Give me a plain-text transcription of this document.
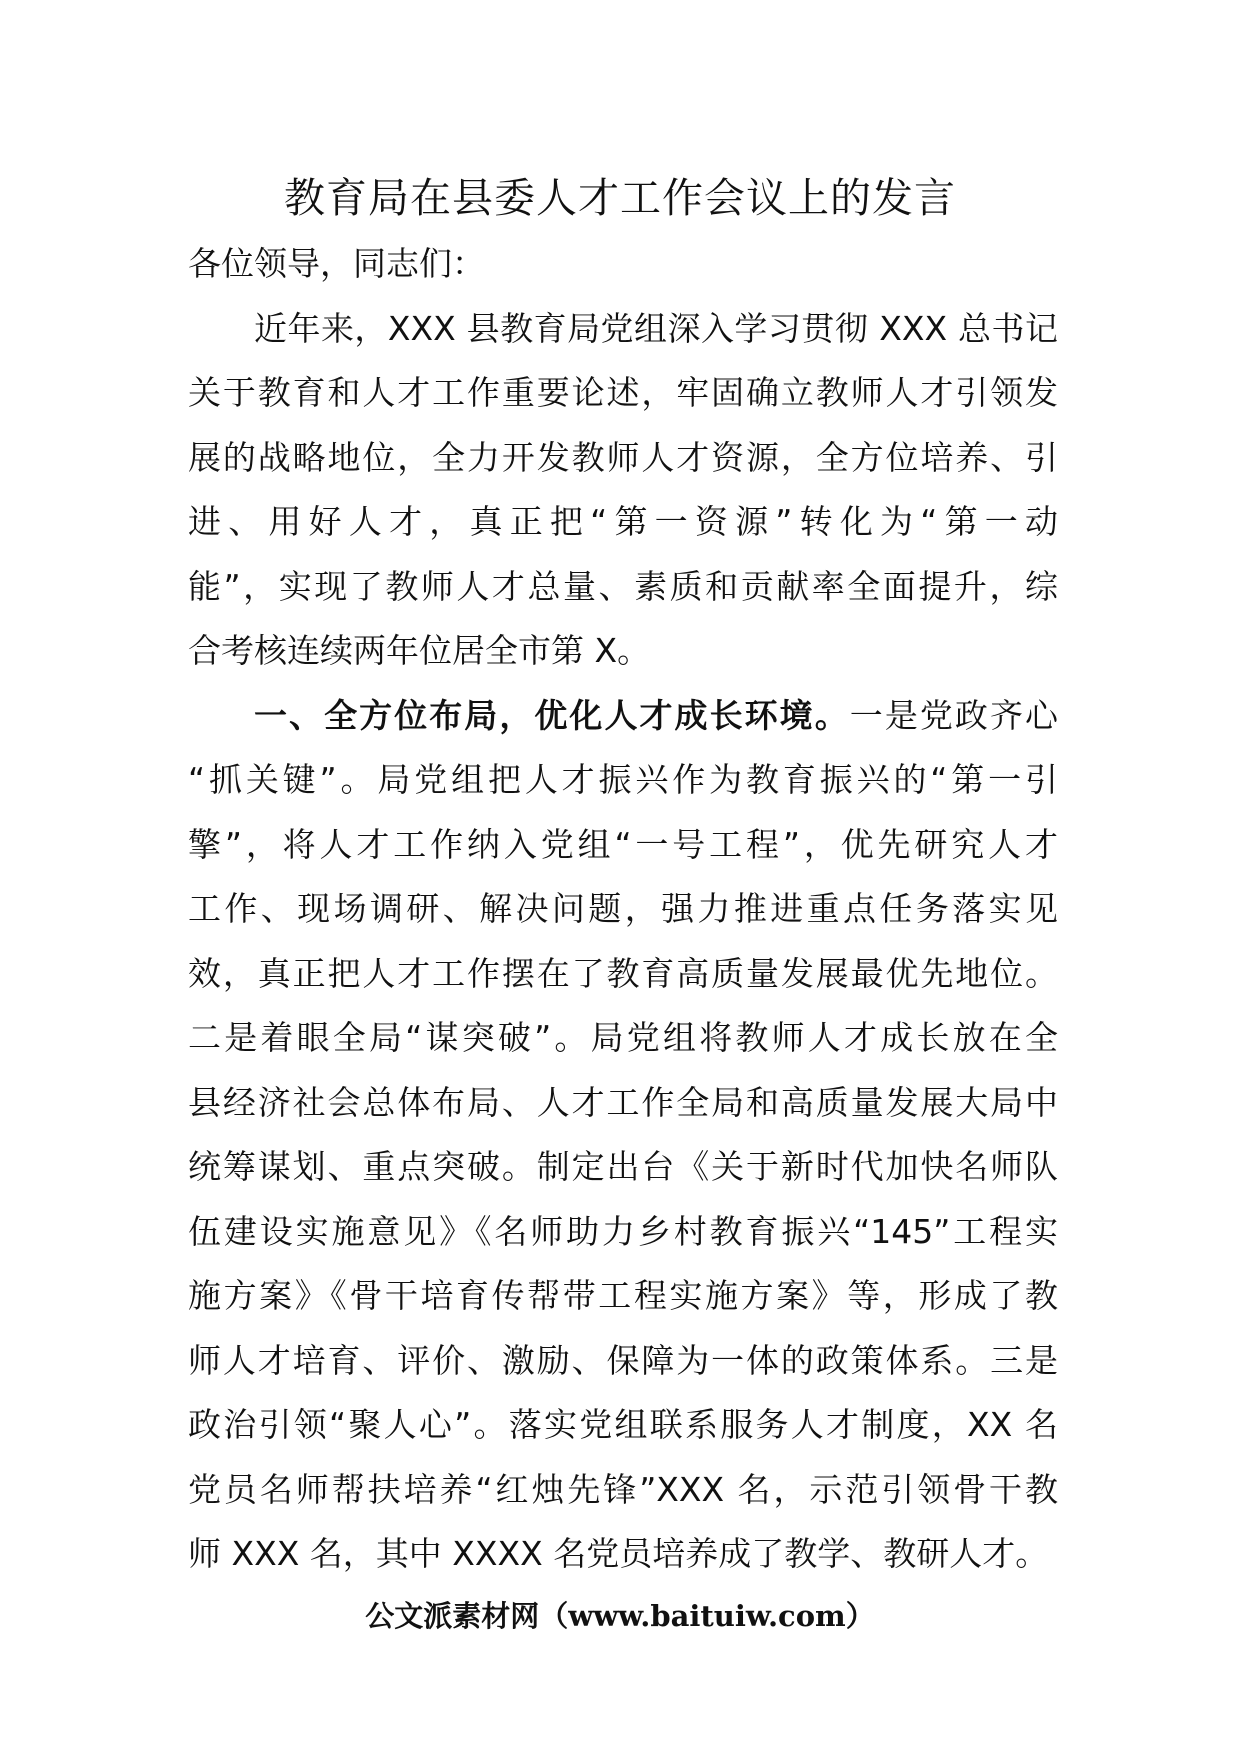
教育局在县委人才工作会议上的发言
各位领导，同志们：
近年来，XXX 县教育局党组深入学习贯彻 XXX 总书记
关于教育和人才工作重要论述，牢固确立教师人才引领发
展的战略地位，全力开发教师人才资源，全方位培养、引
进、用好人才，真正把“第一资源”转化为“第一动
能”，实现了教师人才总量、素质和贡献率全面提升，综
合考核连续两年位居全市第 X。
一、全方位布局，优化人才成长环境。一是党政齐心
“抓关键”。局党组把人才振兴作为教育振兴的“第一引
擎”，将人才工作纳入党组“一号工程”，优先研究人才
工作、现场调研、解决问题，强力推进重点任务落实见
效，真正把人才工作摆在了教育高质量发展最优先地位。
二是着眼全局“谋突破”。局党组将教师人才成长放在全
县经济社会总体布局、人才工作全局和高质量发展大局中
统筹谋划、重点突破。制定出台《关于新时代加快名师队
伍建设实施意见》《名师助力乡村教育振兴“145”工程实
施方案》《骨干培育传帮带工程实施方案》等，形成了教
师人才培育、评价、激励、保障为一体的政策体系。三是
政治引领“聚人心”。落实党组联系服务人才制度，XX 名
党员名师帮扶培养“红烛先锋”XXX 名，示范引领骨干教
师 XXX 名，其中 XXXX 名党员培养成了教学、教研人才。
公文派素材网（www.baituiw.com）
